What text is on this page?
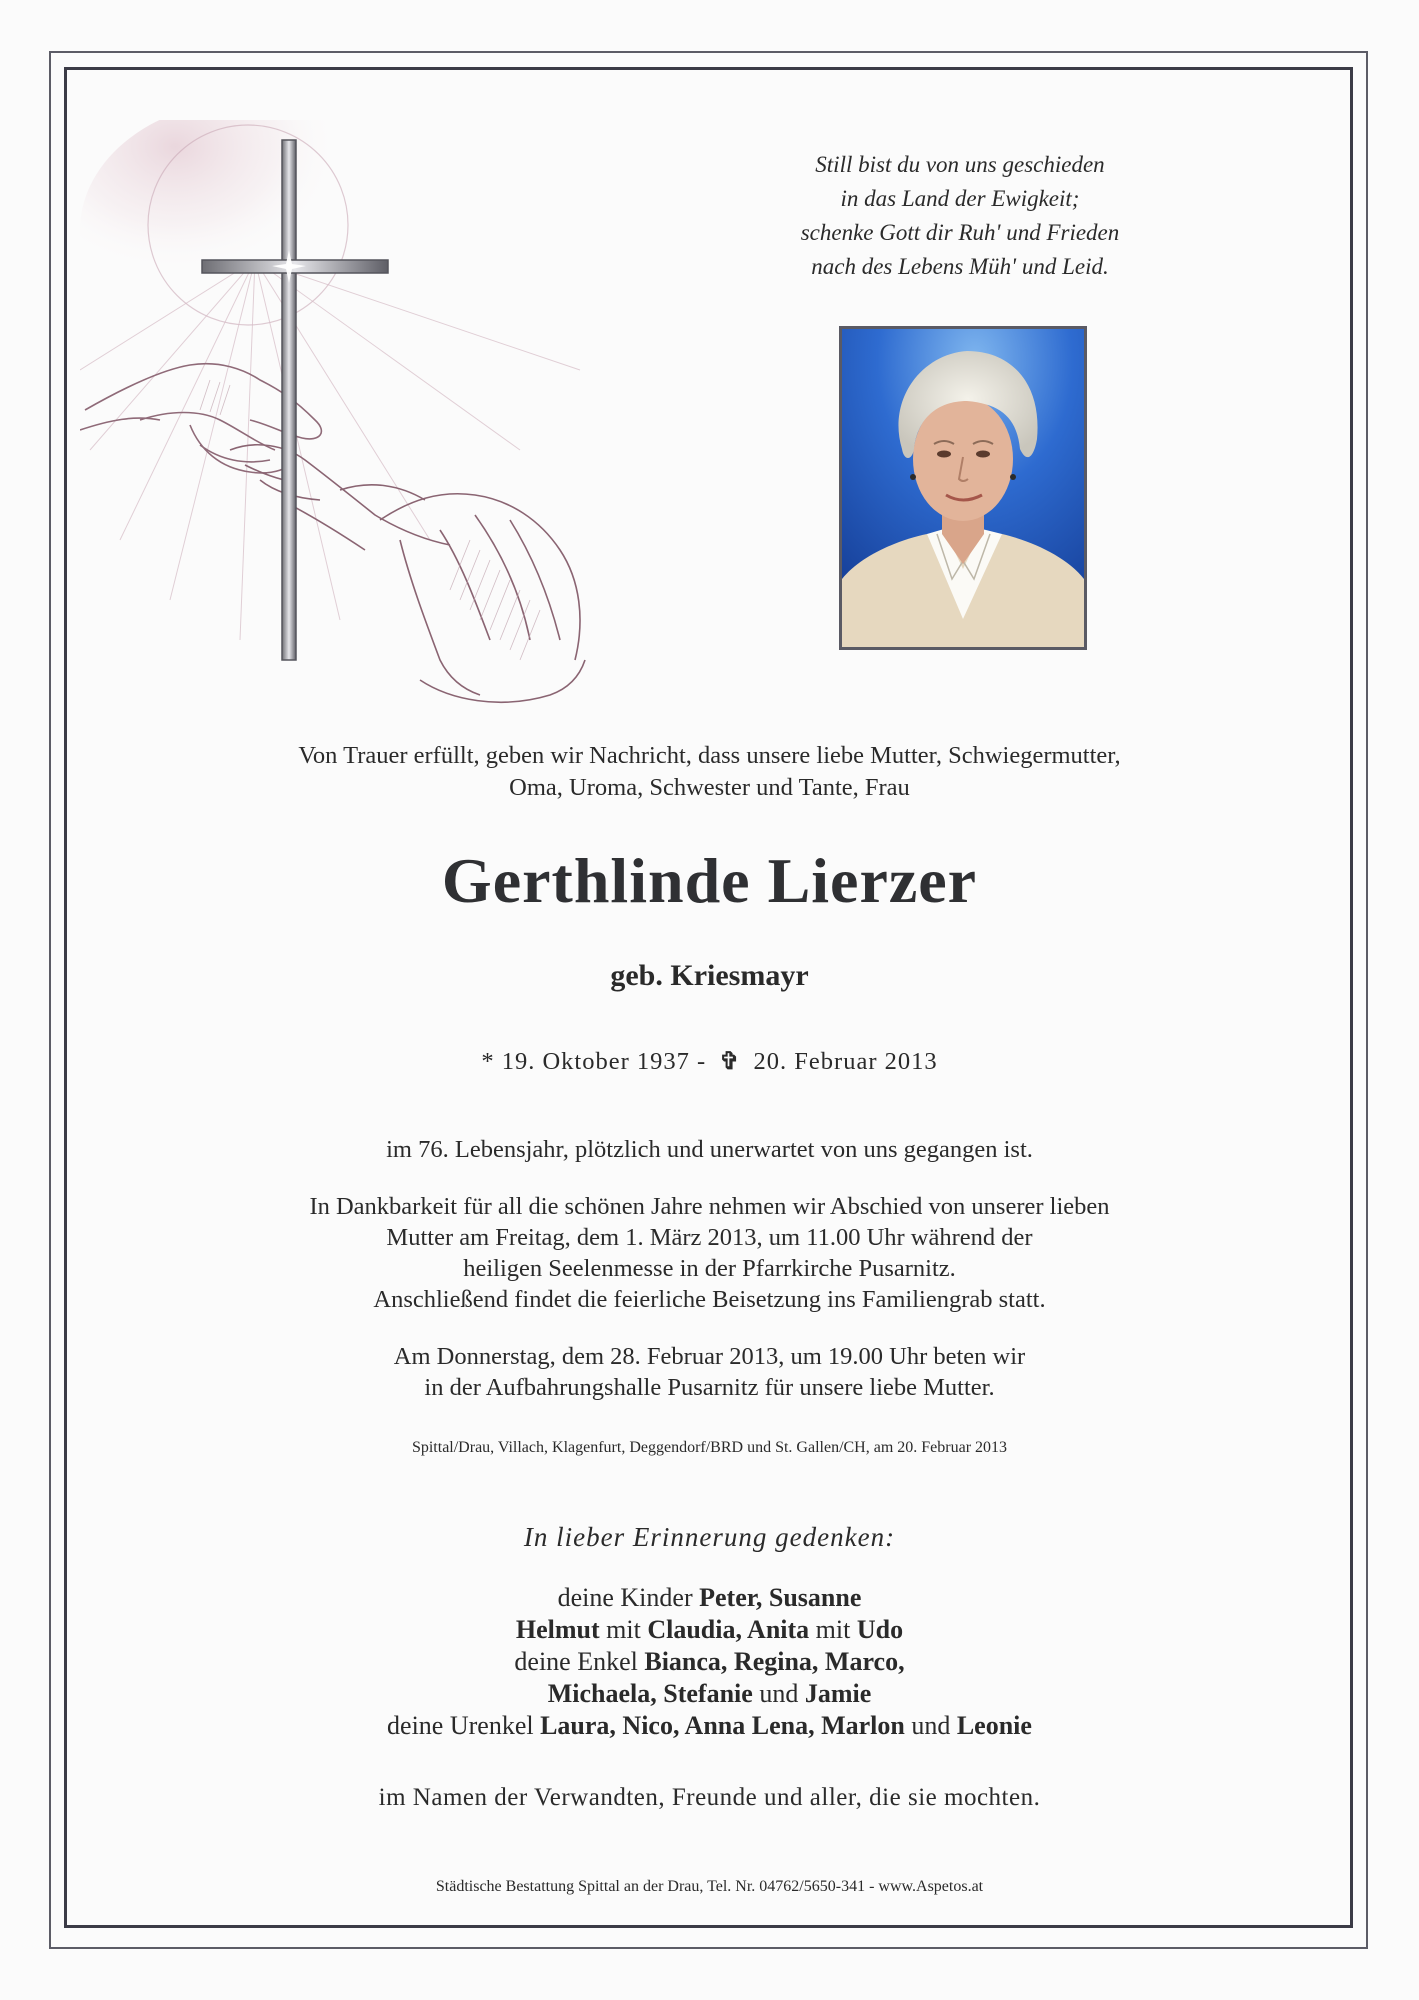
Still bist du von uns geschieden
in das Land der Ewigkeit;
schenke Gott dir Ruh' und Frieden
nach des Lebens Müh' und Leid.
Von Trauer erfüllt, geben wir Nachricht, dass unsere liebe Mutter, Schwiegermutter,
Oma, Uroma, Schwester und Tante, Frau
Gerthlinde Lierzer
geb. Kriesmayr
* 19. Oktober 1937 - ✞ 20. Februar 2013
im 76. Lebensjahr, plötzlich und unerwartet von uns gegangen ist.
In Dankbarkeit für all die schönen Jahre nehmen wir Abschied von unserer lieben
Mutter am Freitag, dem 1. März 2013, um 11.00 Uhr während der
heiligen Seelenmesse in der Pfarrkirche Pusarnitz.
Anschließend findet die feierliche Beisetzung ins Familiengrab statt.
Am Donnerstag, dem 28. Februar 2013, um 19.00 Uhr beten wir
in der Aufbahrungshalle Pusarnitz für unsere liebe Mutter.
Spittal/Drau, Villach, Klagenfurt, Deggendorf/BRD und St. Gallen/CH, am 20. Februar 2013
In lieber Erinnerung gedenken:
deine Kinder Peter, Susanne
Helmut mit Claudia, Anita mit Udo
deine Enkel Bianca, Regina, Marco,
Michaela, Stefanie und Jamie
deine Urenkel Laura, Nico, Anna Lena, Marlon und Leonie
im Namen der Verwandten, Freunde und aller, die sie mochten.
Städtische Bestattung Spittal an der Drau, Tel. Nr. 04762/5650-341 - www.Aspetos.at
